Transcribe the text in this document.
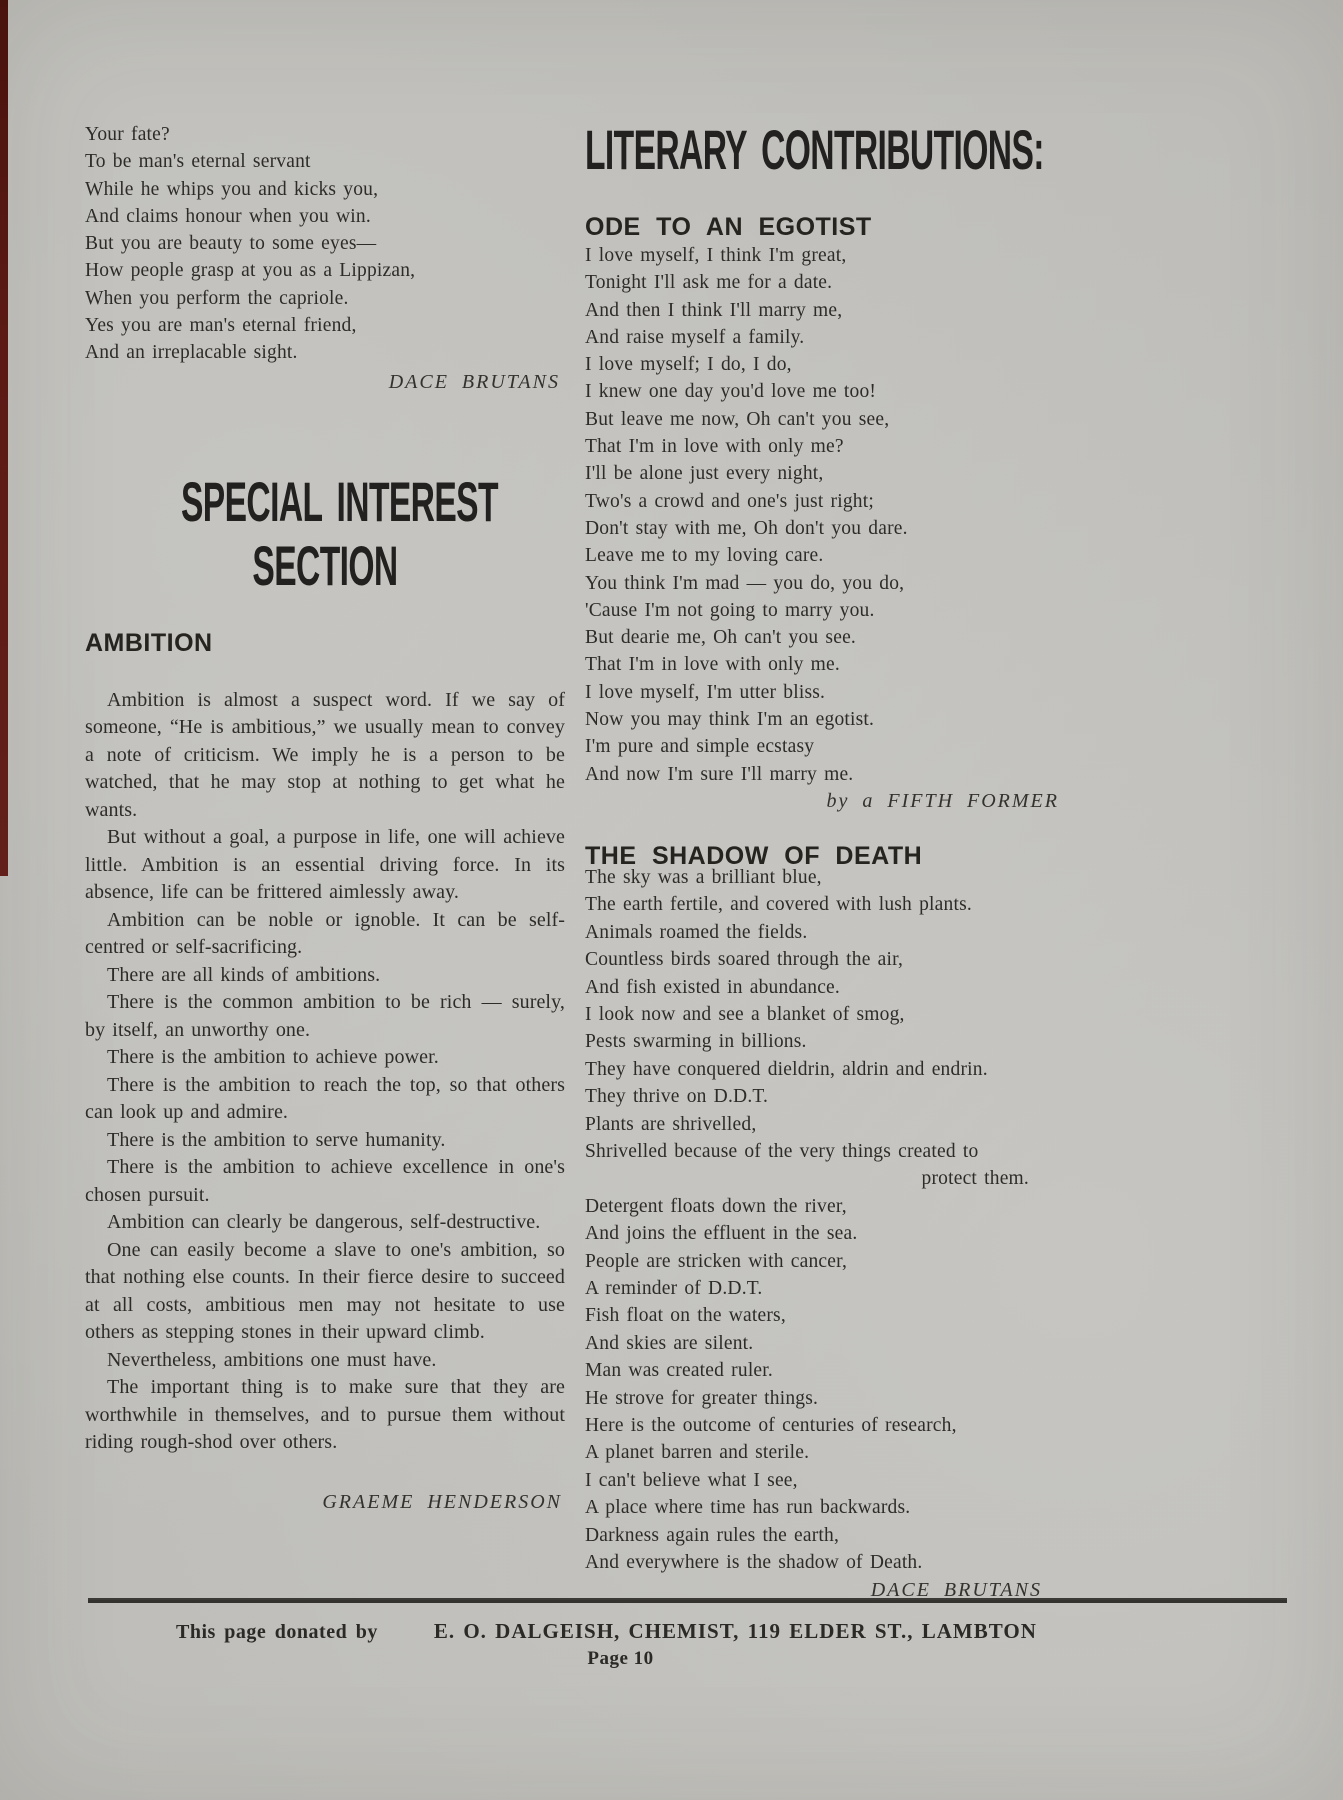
Your fate?
To be man's eternal servant
While he whips you and kicks you,
And claims honour when you win.
But you are beauty to some eyes—
How people grasp at you as a Lippizan,
When you perform the capriole.
Yes you are man's eternal friend,
And an irreplacable sight.
DACE BRUTANS
SPECIAL INTEREST
SECTION
AMBITION

Ambition is almost a suspect word. If we say of someone, “He is ambitious,” we usually mean to convey a note of criticism. We imply he is a person to be watched, that he may stop at nothing to get what he wants.

But without a goal, a purpose in life, one will achieve little. Ambition is an essential driving force. In its absence, life can be frittered aimlessly away.

Ambition can be noble or ignoble. It can be self-centred or self-sacrificing.

There are all kinds of ambitions.

There is the common ambition to be rich — surely, by itself, an unworthy one.

There is the ambition to achieve power.

There is the ambition to reach the top, so that others can look up and admire.

There is the ambition to serve humanity.

There is the ambition to achieve excellence in one's chosen pursuit.

Ambition can clearly be dangerous, self-destructive.

One can easily become a slave to one's ambition, so that nothing else counts. In their fierce desire to succeed at all costs, ambitious men may not hesitate to use others as stepping stones in their upward climb.

Nevertheless, ambitions one must have.

The important thing is to make sure that they are worthwhile in themselves, and to pursue them without riding rough-shod over others.

GRAEME HENDERSON
LITERARY CONTRIBUTIONS:
ODE TO AN EGOTIST
I love myself, I think I'm great,
Tonight I'll ask me for a date.
And then I think I'll marry me,
And raise myself a family.
I love myself; I do, I do,
I knew one day you'd love me too!
But leave me now, Oh can't you see,
That I'm in love with only me?
I'll be alone just every night,
Two's a crowd and one's just right;
Don't stay with me, Oh don't you dare.
Leave me to my loving care.
You think I'm mad — you do, you do,
'Cause I'm not going to marry you.
But dearie me, Oh can't you see.
That I'm in love with only me.
I love myself, I'm utter bliss.
Now you may think I'm an egotist.
I'm pure and simple ecstasy
And now I'm sure I'll marry me.
by a FIFTH FORMER
THE SHADOW OF DEATH
The sky was a brilliant blue,
The earth fertile, and covered with lush plants.
Animals roamed the fields.
Countless birds soared through the air,
And fish existed in abundance.
I look now and see a blanket of smog,
Pests swarming in billions.
They have conquered dieldrin, aldrin and endrin.
They thrive on D.D.T.
Plants are shrivelled,
Shrivelled because of the very things created to
protect them.
Detergent floats down the river,
And joins the effluent in the sea.
People are stricken with cancer,
A reminder of D.D.T.
Fish float on the waters,
And skies are silent.
Man was created ruler.
He strove for greater things.
Here is the outcome of centuries of research,
A planet barren and sterile.
I can't believe what I see,
A place where time has run backwards.
Darkness again rules the earth,
And everywhere is the shadow of Death.
DACE BRUTANS
This page donated by	E. O. DALGEISH, CHEMIST, 119 ELDER ST., LAMBTON
Page 10
